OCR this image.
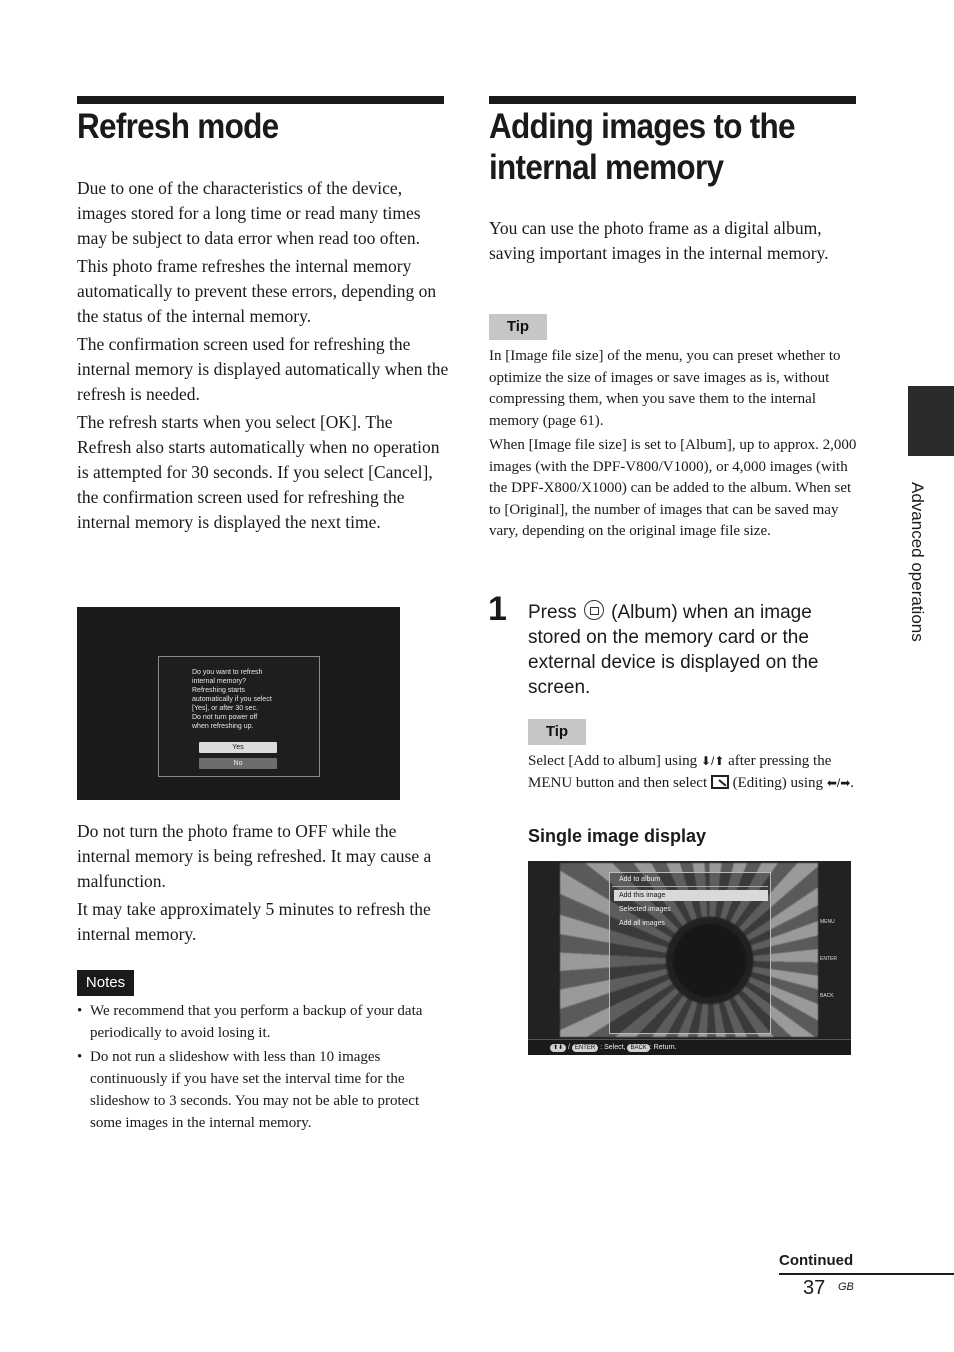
Refresh mode

Due to one of the characteristics of the device, images stored for a long time or read many times may be subject to data error when read too often.

This photo frame refreshes the internal memory automatically to prevent these errors, depending on the status of the internal memory.

The confirmation screen used for refreshing the internal memory is displayed automatically when the refresh is needed.

The refresh starts when you select [OK]. The Refresh also starts automatically when no operation is attempted for 30 seconds. If you select [Cancel], the confirmation screen used for refreshing the internal memory is displayed the next time.

Do you want to refresh
internal memory?
Refreshing starts
automatically if you select
[Yes], or after 30 sec.
Do not turn power off
when refreshing up.
Yes
No

Do not turn the photo frame to OFF while the internal memory is being refreshed. It may cause a malfunction.

It may take approximately 5 minutes to refresh the internal memory.

Notes
• We recommend that you perform a backup of your data periodically to avoid losing it.
• Do not run a slideshow with less than 10 images continuously if you have set the interval time for the slideshow to 3 seconds. You may not be able to protect some images in the internal memory.
Adding images to the
internal memory

You can use the photo frame as a digital album, saving important images in the internal memory.

Tip

In [Image file size] of the menu, you can preset whether to optimize the size of images or save images as is, without compressing them, when you save them to the internal memory (page 61).

When [Image file size] is set to [Album], up to approx. 2,000 images (with the DPF-V800/V1000), or 4,000 images (with the DPF-X800/X1000) can be added to the album. When set to [Original], the number of images that can be saved may vary, depending on the original image file size.

1 Press (Album) when an image stored on the memory card or the external device is displayed on the screen.
Tip
Select [Add to album] using ⬇/⬆ after pressing the MENU button and then select (Editing) using ⬅/➡.
Single image display
Add to album
Add this image
Selected images
Add all images	MENU
ENTER
BACK
⬆⬇ / ENTER : Select, BACK : Return.
Advanced operations
Continued
37 GB
